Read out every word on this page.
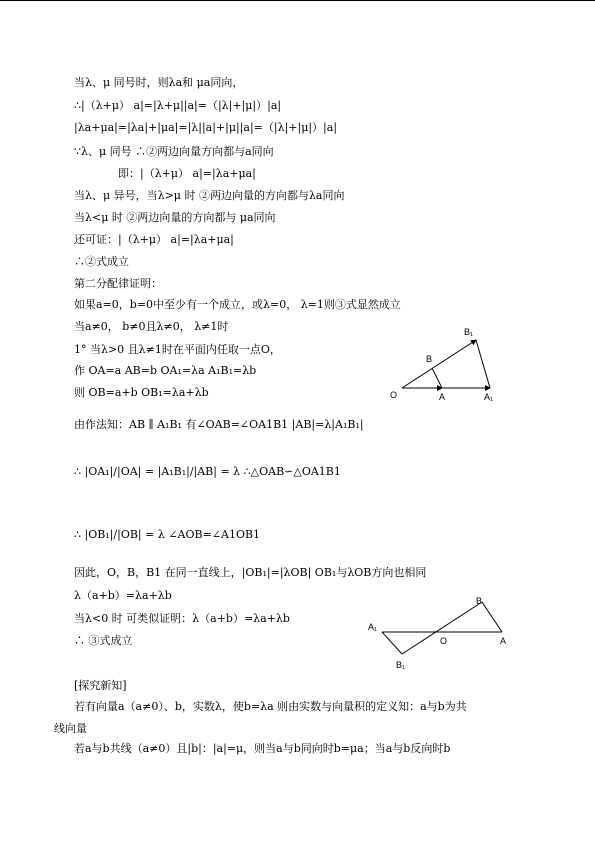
当λ、μ 同号时，则λa和 μa同向，
∴|（λ+μ） a|=|λ+μ||a|=（|λ|+|μ|）|a|
|λa+μa|=|λa|+|μa|=|λ||a|+|μ||a|=（|λ|+|μ|）|a|
∵λ、μ 同号 ∴②两边向量方向都与a同向
即：|（λ+μ） a|=|λa+μa|
当λ、μ 异号，当λ>μ 时 ②两边向量的方向都与λa同向
当λ<μ 时 ②两边向量的方向都与 μa同向
还可证：|（λ+μ） a|=|λa+μa|
∴②式成立
第二分配律证明：
如果a=0，b=0中至少有一个成立，或λ=0， λ=1则③式显然成立
当a≠0， b≠0且λ≠0， λ≠1时
1° 当λ>0 且λ≠1时在平面内任取一点O，
作 OA=a AB=b OA₁=λa A₁B₁=λb
则 OB=a+b OB₁=λa+λb
由作法知：AB ∥ A₁B₁ 有∠OAB=∠OA1B1 |AB|=λ|A₁B₁|
∴ |OA₁|/|OA| = |A₁B₁|/|AB| = λ ∴△OAB∽△OA1B1
∴ |OB₁|/|OB| = λ ∠AOB=∠A1OB1
因此，O，B，B1 在同一直线上，|OB₁|=|λOB| OB₁与λOB方向也相同
λ（a+b）=λa+λb
当λ<0 时 可类似证明：λ（a+b）=λa+λb
∴ ③式成立
[探究新知]
若有向量a（a≠0）、b，实数λ，使b=λa 则由实数与向量积的定义知：a与b为共
线向量
若a与b共线（a≠0）且|b|：|a|=μ，则当a与b同向时b=μa；当a与b反向时b
O	A	A₁
B
B₁
A₁
O	A
B
B₁
